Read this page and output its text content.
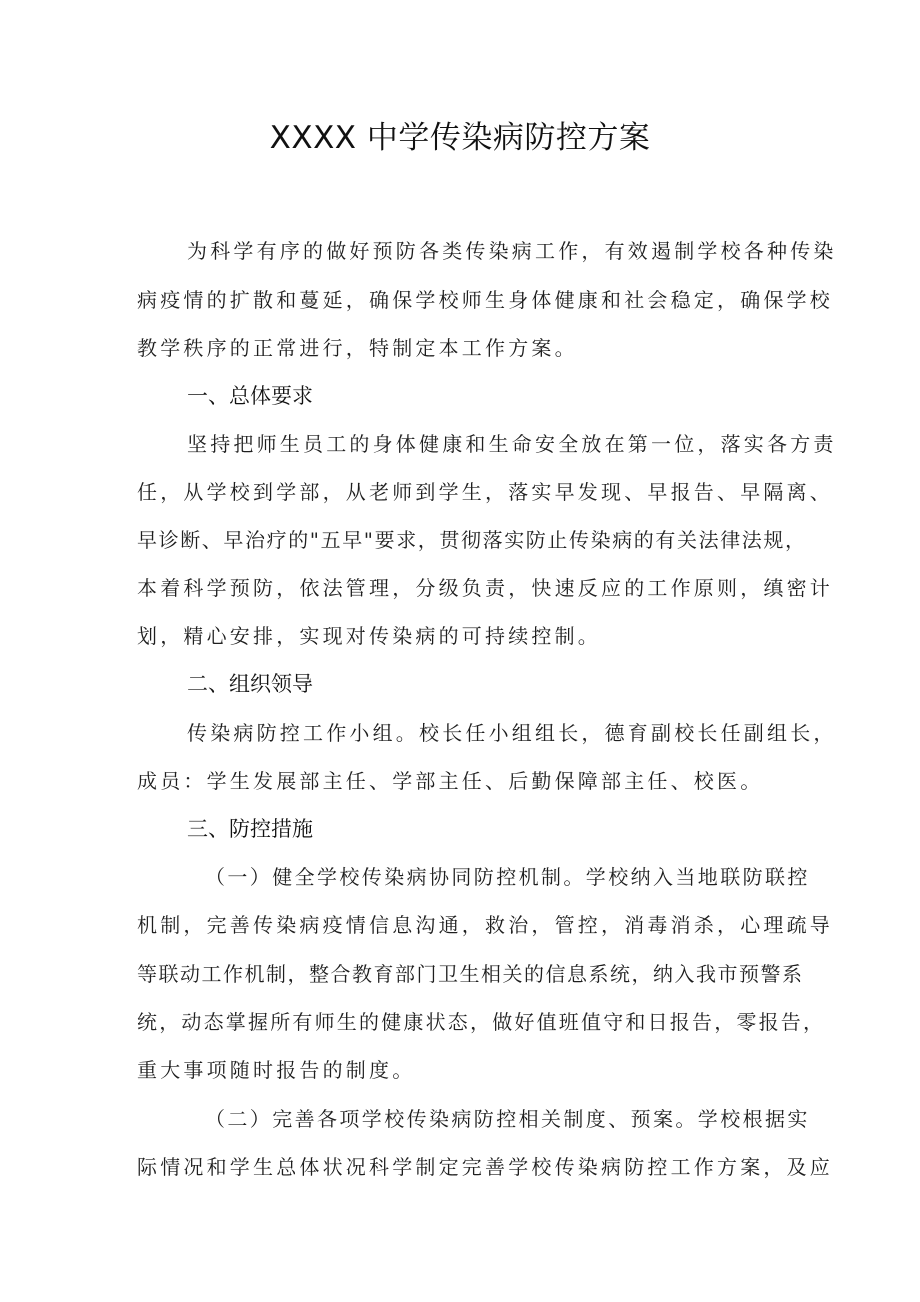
XXXX 中学传染病防控方案
为科学有序的做好预防各类传染病工作，有效遏制学校各种传染
病疫情的扩散和蔓延，确保学校师生身体健康和社会稳定，确保学校
教学秩序的正常进行，特制定本工作方案。
一、总体要求
坚持把师生员工的身体健康和生命安全放在第一位，落实各方责
任，从学校到学部，从老师到学生，落实早发现、早报告、早隔离、
早诊断、早治疗的"五早"要求，贯彻落实防止传染病的有关法律法规，
本着科学预防，依法管理，分级负责，快速反应的工作原则，缜密计
划，精心安排，实现对传染病的可持续控制。
二、组织领导
传染病防控工作小组。校长任小组组长，德育副校长任副组长，
成员：学生发展部主任、学部主任、后勤保障部主任、校医。
三、防控措施
（一）健全学校传染病协同防控机制。学校纳入当地联防联控
机制，完善传染病疫情信息沟通，救治，管控，消毒消杀，心理疏导
等联动工作机制，整合教育部门卫生相关的信息系统，纳入我市预警系
统，动态掌握所有师生的健康状态，做好值班值守和日报告，零报告，
重大事项随时报告的制度。
（二）完善各项学校传染病防控相关制度、预案。学校根据实
际情况和学生总体状况科学制定完善学校传染病防控工作方案，及应
